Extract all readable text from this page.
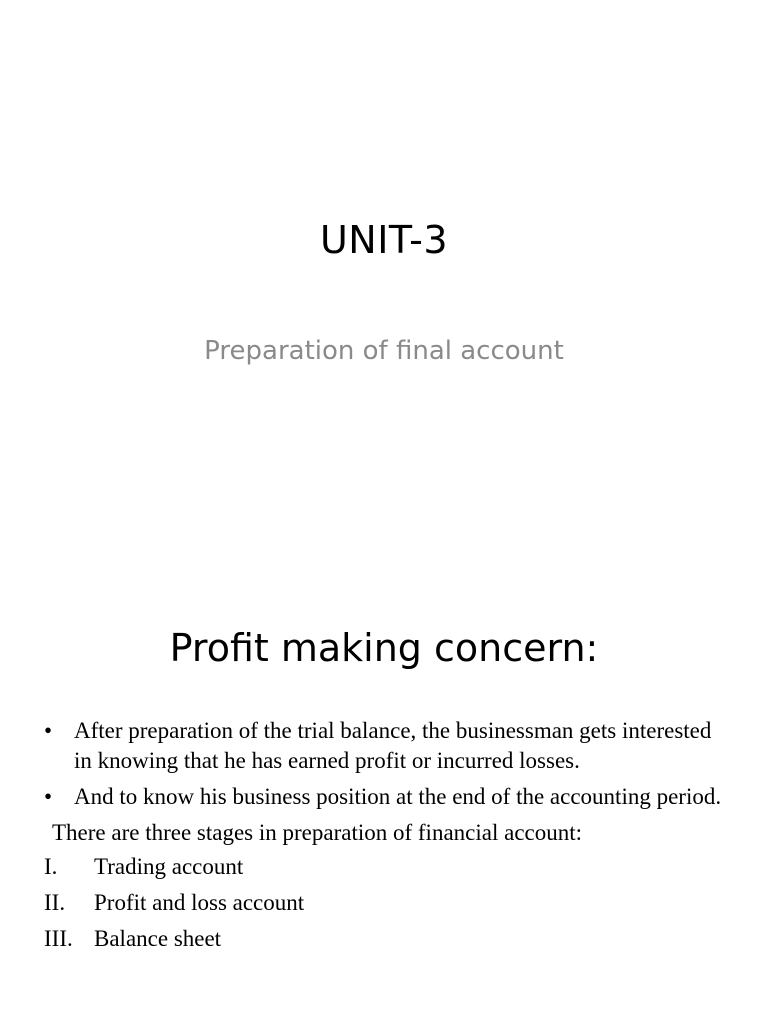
UNIT-3
Preparation of final account
Profit making concern:
• After preparation of the trial balance, the businessman gets interested in knowing that he has earned profit or incurred losses.
• And to know his business position at the end of the accounting period.
There are three stages in preparation of financial account:
I.	Trading account
II.	Profit and loss account
III. Balance sheet
